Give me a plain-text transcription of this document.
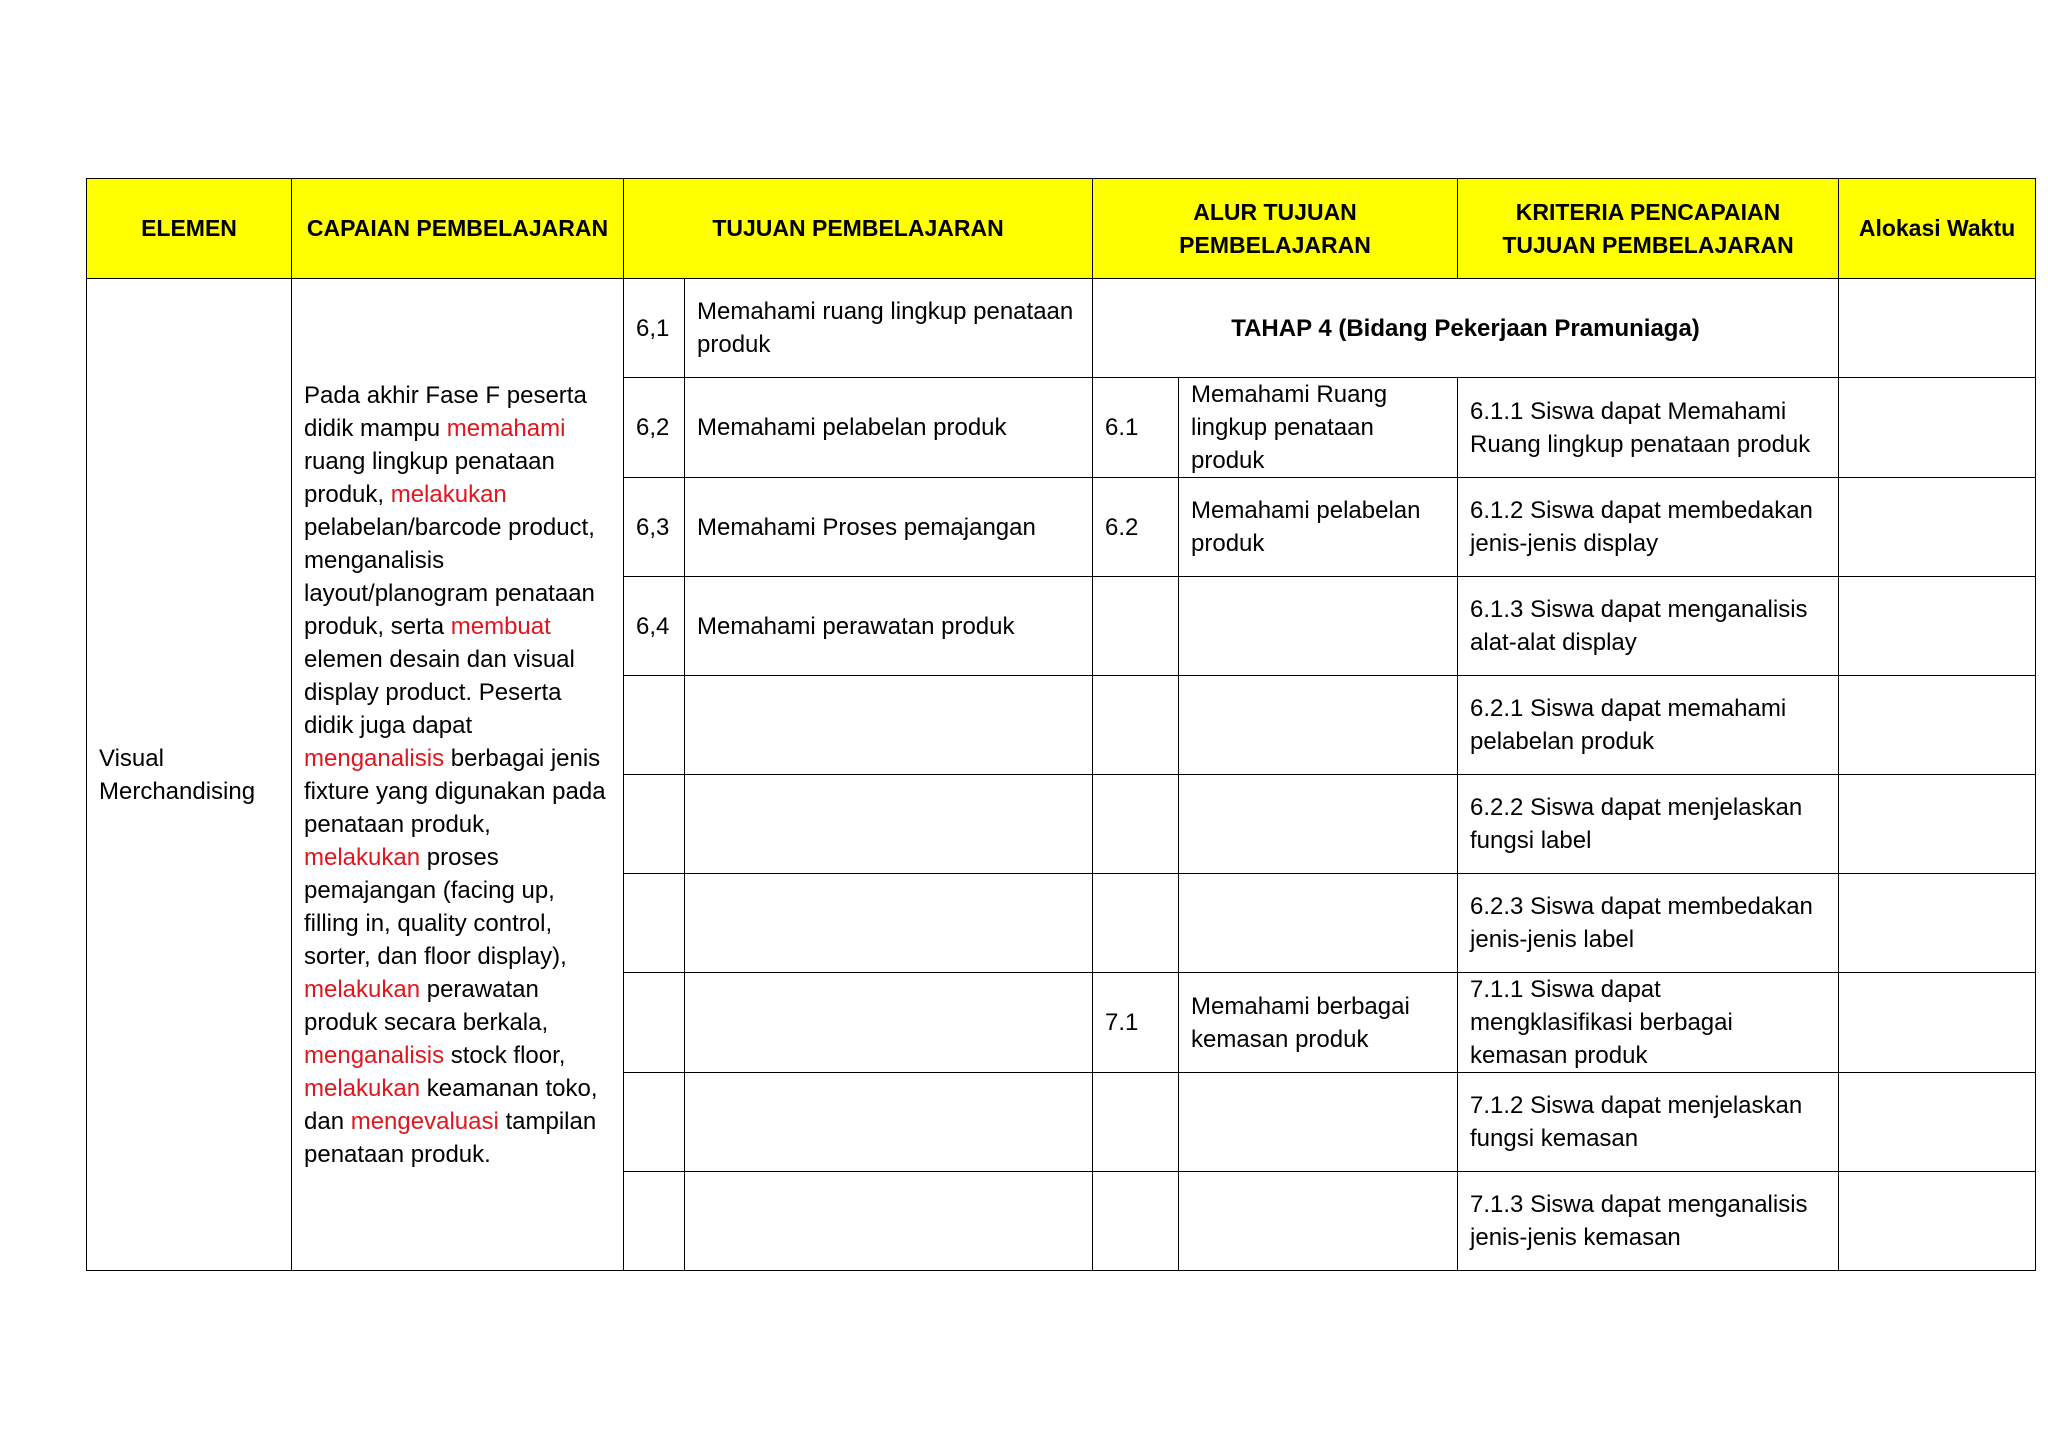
ELEMEN	CAPAIAN PEMBELAJARAN	TUJUAN PEMBELAJARAN		ALUR TUJUAN PEMBELAJARAN		KRITERIA PENCAPAIAN TUJUAN PEMBELAJARAN	Alokasi Waktu
Visual Merchandising	Pada akhir Fase F peserta didik mampu memahami ruang lingkup penataan produk, melakukan pelabelan/barcode product, menganalisis layout/planogram penataan produk, serta membuat elemen desain dan visual display product. Peserta didik juga dapat menganalisis berbagai jenis fixture yang digunakan pada penataan produk, melakukan proses pemajangan (facing up, filling in, quality control, sorter, dan floor display), melakukan perawatan produk secara berkala, menganalisis stock floor, melakukan keamanan toko, dan mengevaluasi tampilan penataan produk.	6,1	Memahami ruang lingkup penataan produk	TAHAP 4 (Bidang Pekerjaan Pramuniaga)			
		6,2	Memahami pelabelan produk	6.1	Memahami Ruang lingkup penataan produk	6.1.1 Siswa dapat Memahami Ruang lingkup penataan produk	
		6,3	Memahami Proses pemajangan	6.2	Memahami pelabelan produk	6.1.2 Siswa dapat membedakan jenis-jenis display	
		6,4	Memahami perawatan produk			6.1.3 Siswa dapat menganalisis alat-alat display	
						6.2.1 Siswa dapat memahami pelabelan produk	
						6.2.2 Siswa dapat menjelaskan fungsi label	
						6.2.3 Siswa dapat membedakan jenis-jenis label	
				7.1	Memahami berbagai kemasan produk	7.1.1 Siswa dapat mengklasifikasi berbagai kemasan produk	
						7.1.2 Siswa dapat menjelaskan fungsi kemasan	
						7.1.3 Siswa dapat menganalisis jenis-jenis kemasan	
